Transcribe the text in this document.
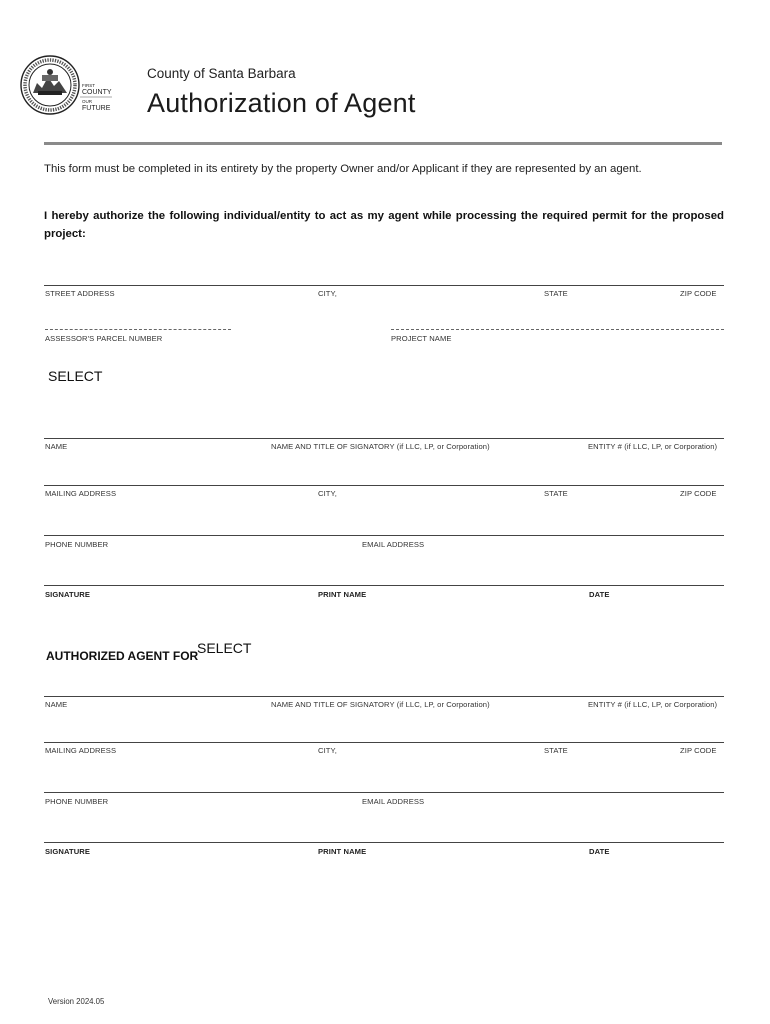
FIRST
COUNTY
OUR
FUTURE
County of Santa Barbara
Authorization of Agent
This form must be completed in its entirety by the property Owner and/or Applicant if they are represented by an agent.
I hereby authorize the following individual/entity to act as my agent while processing the required permit for the proposed project:
STREET ADDRESS	CITY,	STATE	ZIP CODE
ASSESSOR'S PARCEL NUMBER	PROJECT NAME
SELECT
NAME	NAME AND TITLE OF SIGNATORY (if LLC, LP, or Corporation)	ENTITY # (if LLC, LP, or Corporation)
MAILING ADDRESS	CITY,	STATE	ZIP CODE
PHONE NUMBER	EMAIL ADDRESS
SIGNATURE	PRINT NAME	DATE
AUTHORIZED AGENT FOR
SELECT
NAME	NAME AND TITLE OF SIGNATORY (if LLC, LP, or Corporation)	ENTITY # (if LLC, LP, or Corporation)
MAILING ADDRESS	CITY,	STATE	ZIP CODE
PHONE NUMBER	EMAIL ADDRESS
SIGNATURE	PRINT NAME	DATE
Version 2024.05
